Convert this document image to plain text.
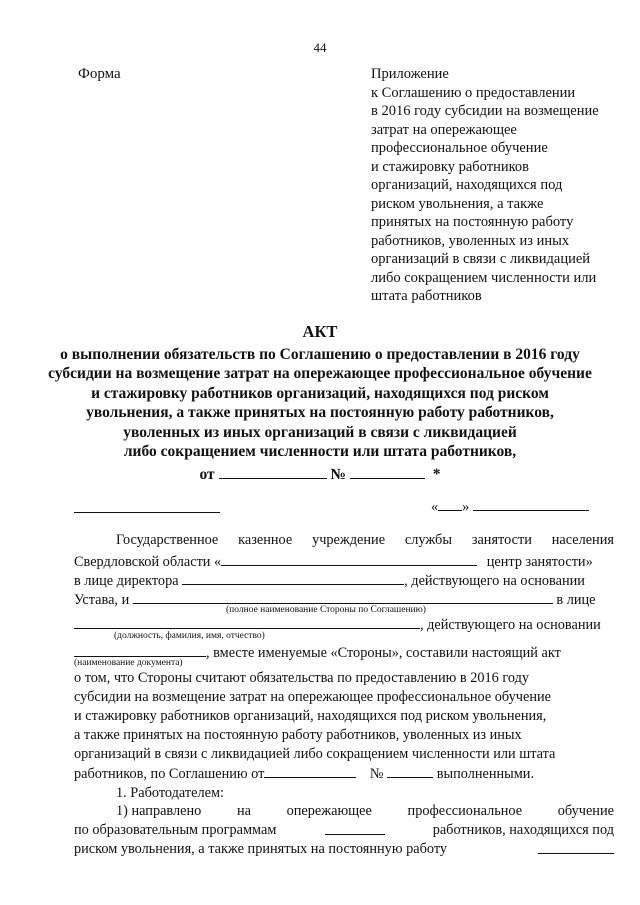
44
Форма	Приложение
к Соглашению о предоставлении
в 2016 году субсидии на возмещение
затрат на опережающее
профессиональное обучение
и стажировку работников
организаций, находящихся под
риском увольнения, а также
принятых на постоянную работу
работников, уволенных из иных
организаций в связи с ликвидацией
либо сокращением численности или
штата работников
АКТ
о выполнении обязательств по Соглашению о предоставлении в 2016 году
субсидии на возмещение затрат на опережающее профессиональное обучение
и стажировку работников организаций, находящихся под риском
увольнения, а также принятых на постоянную работу работников,
уволенных из иных организаций в связи с ликвидацией
либо сокращением численности или штата работников,
от	№	*
« »
Государственное казенное учреждение службы занятости населения
Свердловской области «	центр занятости»
в лице директора	, действующего на основании
Устава, и	в лице
(полное наименование Стороны по Соглашению)
, действующего на основании
(должность, фамилия, имя, отчество)
, вместе именуемые «Стороны», составили настоящий акт
(наименование документа)
о том, что Стороны считают обязательства по предоставлению в 2016 году
субсидии на возмещение затрат на опережающее профессиональное обучение
и стажировку работников организаций, находящихся под риском увольнения,
а также принятых на постоянную работу работников, уволенных из иных
организаций в связи с ликвидацией либо сокращением численности или штата
работников, по Соглашению от	№	выполненными.
1. Работодателем:
1) направлено на опережающее профессиональное обучение
по образовательным программам	работников, находящихся под
риском увольнения, а также принятых на постоянную работу
